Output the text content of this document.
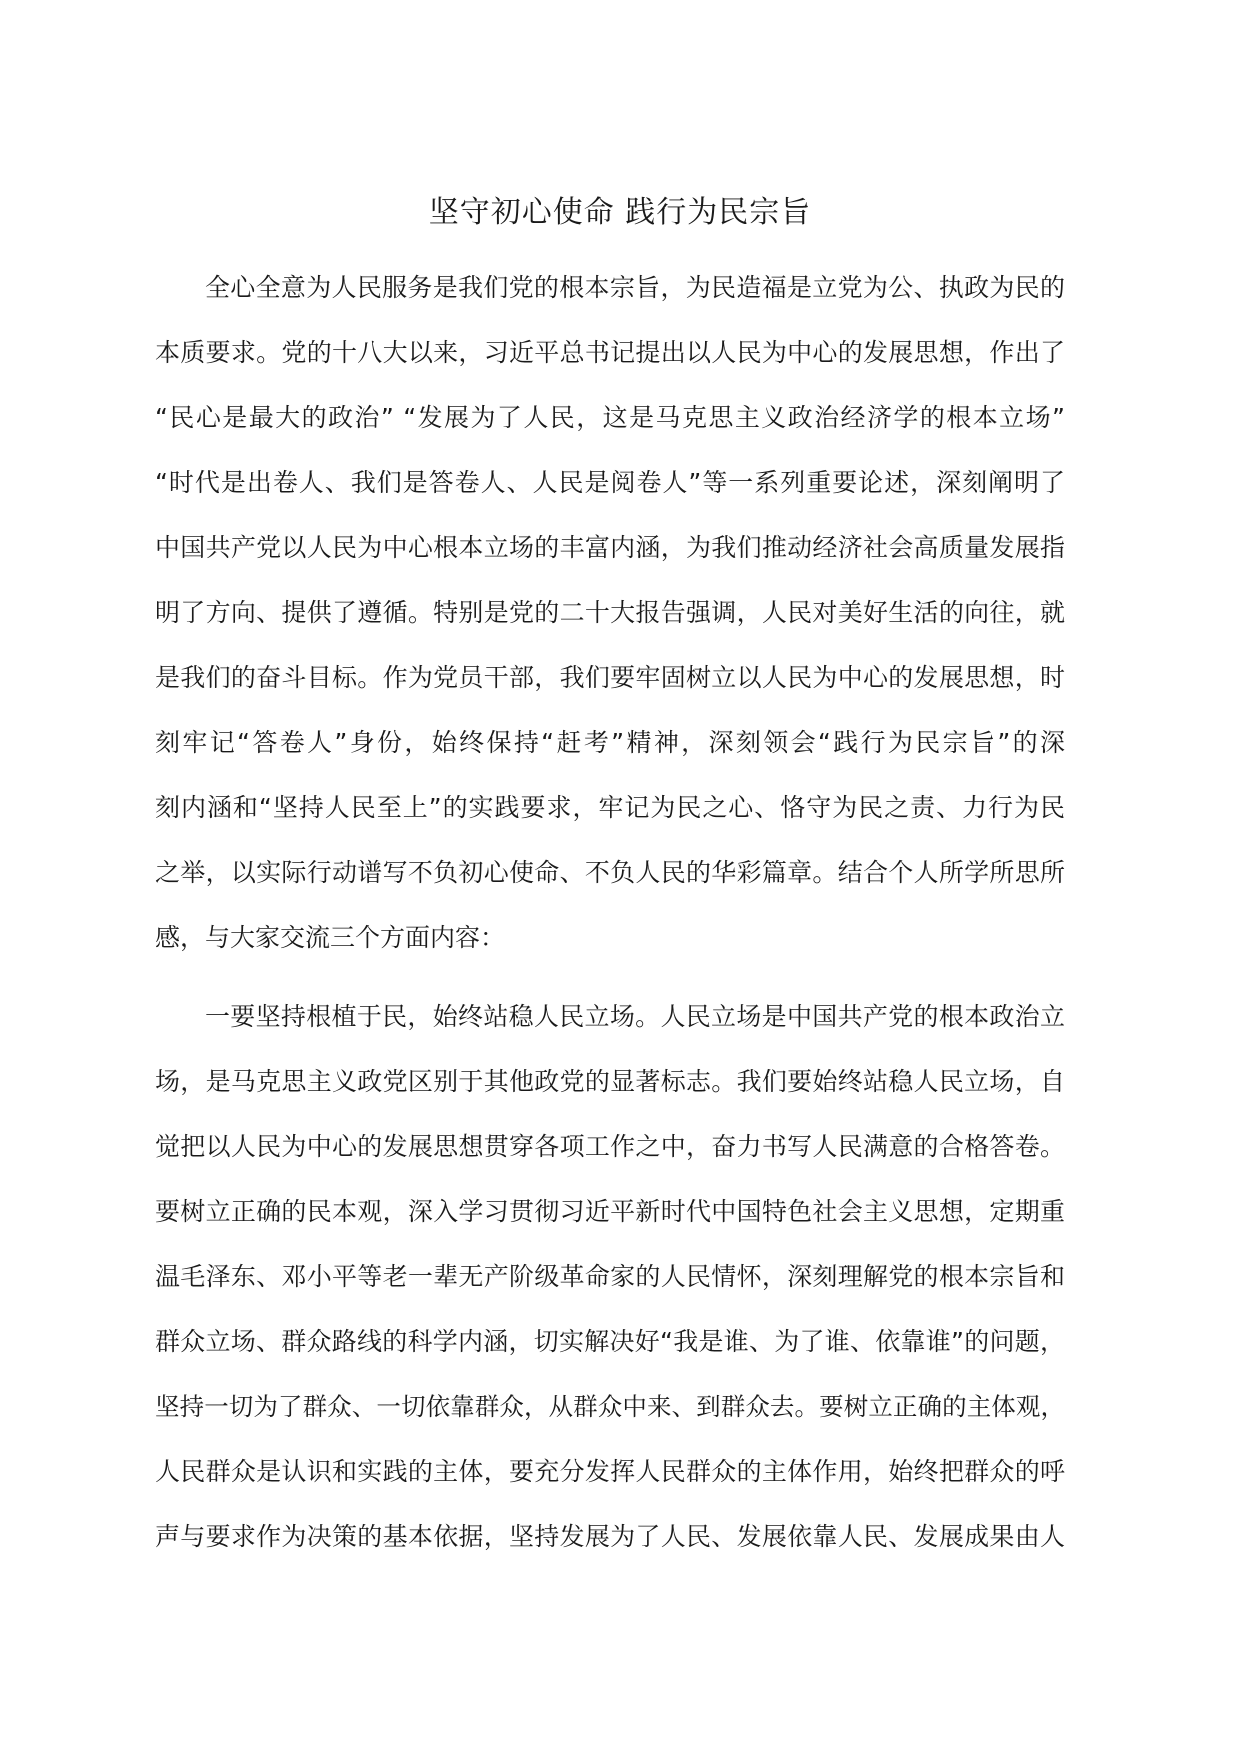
坚守初心使命 践行为民宗旨
全心全意为人民服务是我们党的根本宗旨，为民造福是立党为公、执政为民的
本质要求。党的十八大以来，习近平总书记提出以人民为中心的发展思想，作出了
“民心是最大的政治” “发展为了人民，这是马克思主义政治经济学的根本立场”
“时代是出卷人、我们是答卷人、人民是阅卷人”等一系列重要论述，深刻阐明了
中国共产党以人民为中心根本立场的丰富内涵，为我们推动经济社会高质量发展指
明了方向、提供了遵循。特别是党的二十大报告强调，人民对美好生活的向往，就
是我们的奋斗目标。作为党员干部，我们要牢固树立以人民为中心的发展思想，时
刻牢记“答卷人”身份，始终保持“赶考”精神，深刻领会“践行为民宗旨”的深
刻内涵和“坚持人民至上”的实践要求，牢记为民之心、恪守为民之责、力行为民
之举，以实际行动谱写不负初心使命、不负人民的华彩篇章。结合个人所学所思所
感，与大家交流三个方面内容：
一要坚持根植于民，始终站稳人民立场。人民立场是中国共产党的根本政治立
场，是马克思主义政党区别于其他政党的显著标志。我们要始终站稳人民立场，自
觉把以人民为中心的发展思想贯穿各项工作之中，奋力书写人民满意的合格答卷。
要树立正确的民本观，深入学习贯彻习近平新时代中国特色社会主义思想，定期重
温毛泽东、邓小平等老一辈无产阶级革命家的人民情怀，深刻理解党的根本宗旨和
群众立场、群众路线的科学内涵，切实解决好“我是谁、为了谁、依靠谁”的问题，
坚持一切为了群众、一切依靠群众，从群众中来、到群众去。要树立正确的主体观，
人民群众是认识和实践的主体，要充分发挥人民群众的主体作用，始终把群众的呼
声与要求作为决策的基本依据，坚持发展为了人民、发展依靠人民、发展成果由人
